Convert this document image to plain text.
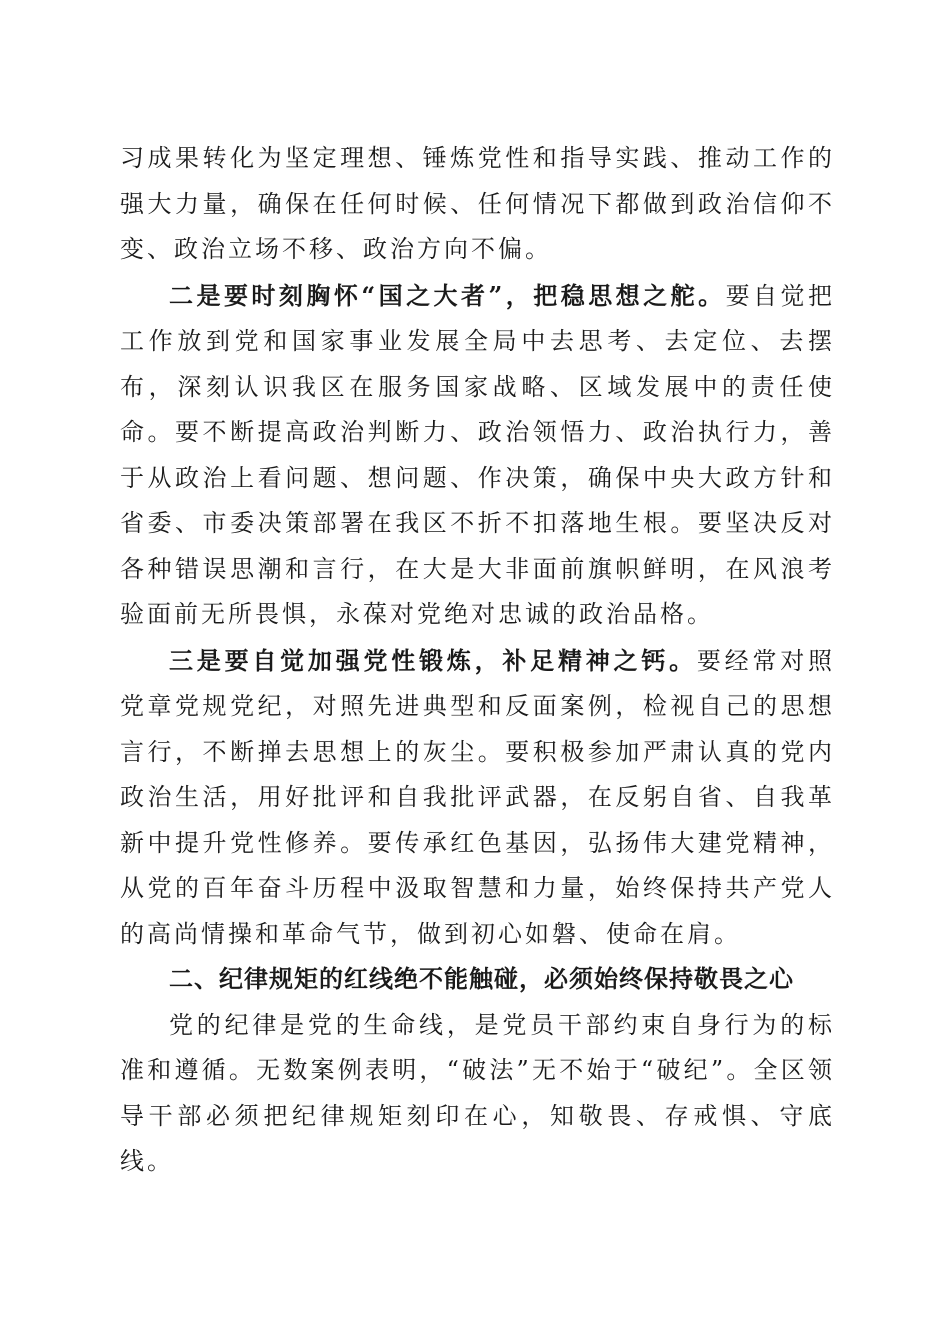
习成果转化为坚定理想、锤炼党性和指导实践、推动工作的强大力量，确保在任何时候、任何情况下都做到政治信仰不变、政治立场不移、政治方向不偏。

二是要时刻胸怀“国之大者”，把稳思想之舵。要自觉把工作放到党和国家事业发展全局中去思考、去定位、去摆布，深刻认识我区在服务国家战略、区域发展中的责任使命。要不断提高政治判断力、政治领悟力、政治执行力，善于从政治上看问题、想问题、作决策，确保中央大政方针和省委、市委决策部署在我区不折不扣落地生根。要坚决反对各种错误思潮和言行，在大是大非面前旗帜鲜明，在风浪考验面前无所畏惧，永葆对党绝对忠诚的政治品格。

三是要自觉加强党性锻炼，补足精神之钙。要经常对照党章党规党纪，对照先进典型和反面案例，检视自己的思想言行，不断掸去思想上的灰尘。要积极参加严肃认真的党内政治生活，用好批评和自我批评武器，在反躬自省、自我革新中提升党性修养。要传承红色基因，弘扬伟大建党精神，从党的百年奋斗历程中汲取智慧和力量，始终保持共产党人的高尚情操和革命气节，做到初心如磐、使命在肩。

二、纪律规矩的红线绝不能触碰，必须始终保持敬畏之心

党的纪律是党的生命线，是党员干部约束自身行为的标准和遵循。无数案例表明，“破法”无不始于“破纪”。全区领导干部必须把纪律规矩刻印在心，知敬畏、存戒惧、守底线。
